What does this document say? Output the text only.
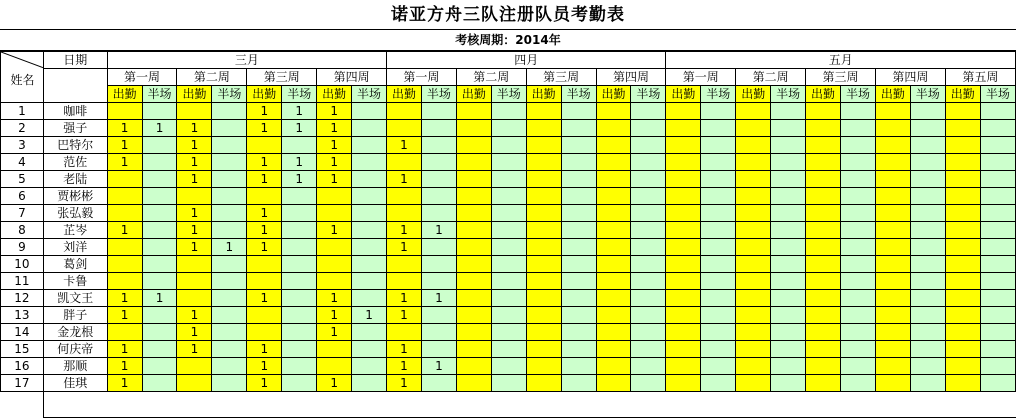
诺亚方舟三队注册队员考勤表
考核周期：2014年
姓名	日期	三月								四月								五月									
		第一周		第二周		第三周		第四周		第一周		第二周		第三周		第四周		第一周		第二周		第三周		第四周		第五周	
		出勤	半场	出勤	半场	出勤	半场	出勤	半场	出勤	半场	出勤	半场	出勤	半场	出勤	半场	出勤	半场	出勤	半场	出勤	半场	出勤	半场	出勤	半场
1	咖啡					1	1	1																			
2	强子	1	1	1		1	1	1																			
3	巴特尔	1		1				1		1																	
4	范佐	1		1		1	1	1																			
5	老陆			1		1	1	1		1																	
6	贾彬彬																										
7	张弘毅			1		1																					
8	芷岑	1		1		1		1		1	1																
9	刘洋			1	1	1				1																	
10	葛剑																										
11	卡鲁																										
12	凯文王	1	1			1		1		1	1																
13	胖子	1		1				1	1	1																	
14	金龙根			1				1																			
15	何庆帝	1		1		1				1																	
16	那顺	1				1				1	1																
17	佳琪	1				1		1		1																	
